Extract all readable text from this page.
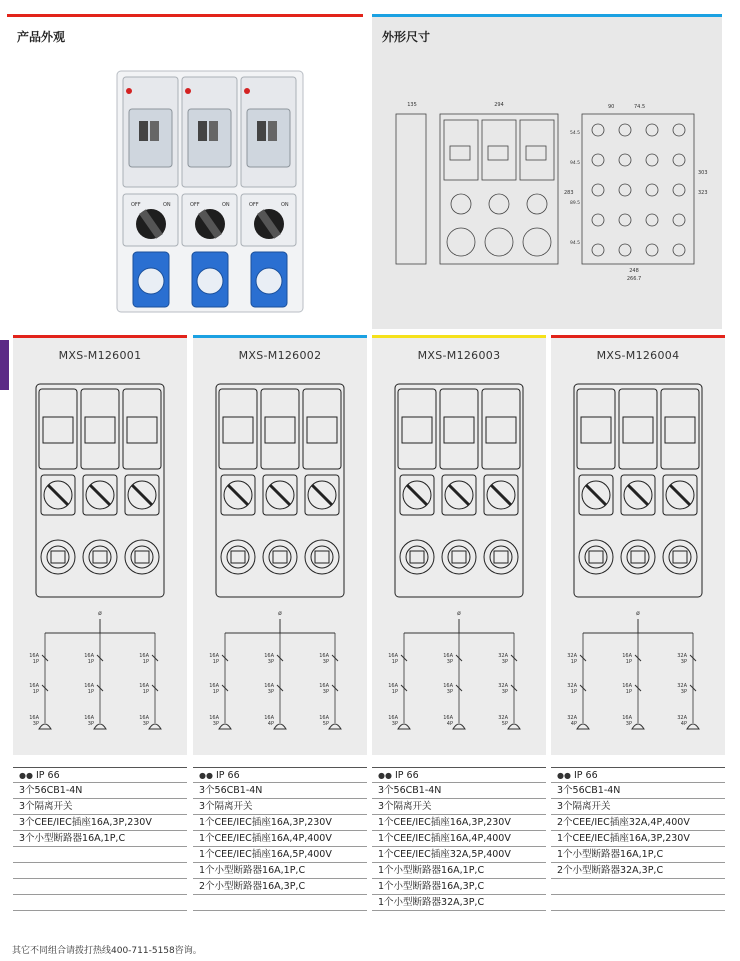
产品外观
OFF	ON	OFF	ON	OFF	ON
外形尺寸
135	294
283
90	74.5
248
266.7
303
323
54.5
94.5
89.5
94.5
MXS-M126001
ø
16A
1P
16A
1P
16A
3P
16A
1P
16A
1P
16A
3P
16A
1P
16A
1P
16A
3P
●● IP 66
3个56CB1-4N
3个隔离开关
3个CEE/IEC插座16A,3P,230V
3个小型断路器16A,1P,C
MXS-M126002
ø
16A
1P
16A
1P
16A
3P
16A
3P
16A
3P
16A
4P
16A
3P
16A
3P
16A
5P
●● IP 66
3个56CB1-4N
3个隔离开关
1个CEE/IEC插座16A,3P,230V
1个CEE/IEC插座16A,4P,400V
1个CEE/IEC插座16A,5P,400V
1个小型断路器16A,1P,C
2个小型断路器16A,3P,C
MXS-M126003
ø
16A
1P
16A
1P
16A
3P
16A
3P
16A
3P
16A
4P
32A
3P
32A
3P
32A
5P
●● IP 66
3个56CB1-4N
3个隔离开关
1个CEE/IEC插座16A,3P,230V
1个CEE/IEC插座16A,4P,400V
1个CEE/IEC插座32A,5P,400V
1个小型断路器16A,1P,C
1个小型断路器16A,3P,C
1个小型断路器32A,3P,C
MXS-M126004
ø
32A
1P
32A
1P
32A
4P
16A
1P
16A
1P
16A
3P
32A
3P
32A
3P
32A
4P
●● IP 66
3个56CB1-4N
3个隔离开关
2个CEE/IEC插座32A,4P,400V
1个CEE/IEC插座16A,3P,230V
1个小型断路器16A,1P,C
2个小型断路器32A,3P,C
其它不同组合请拨打热线400-711-5158咨询。
